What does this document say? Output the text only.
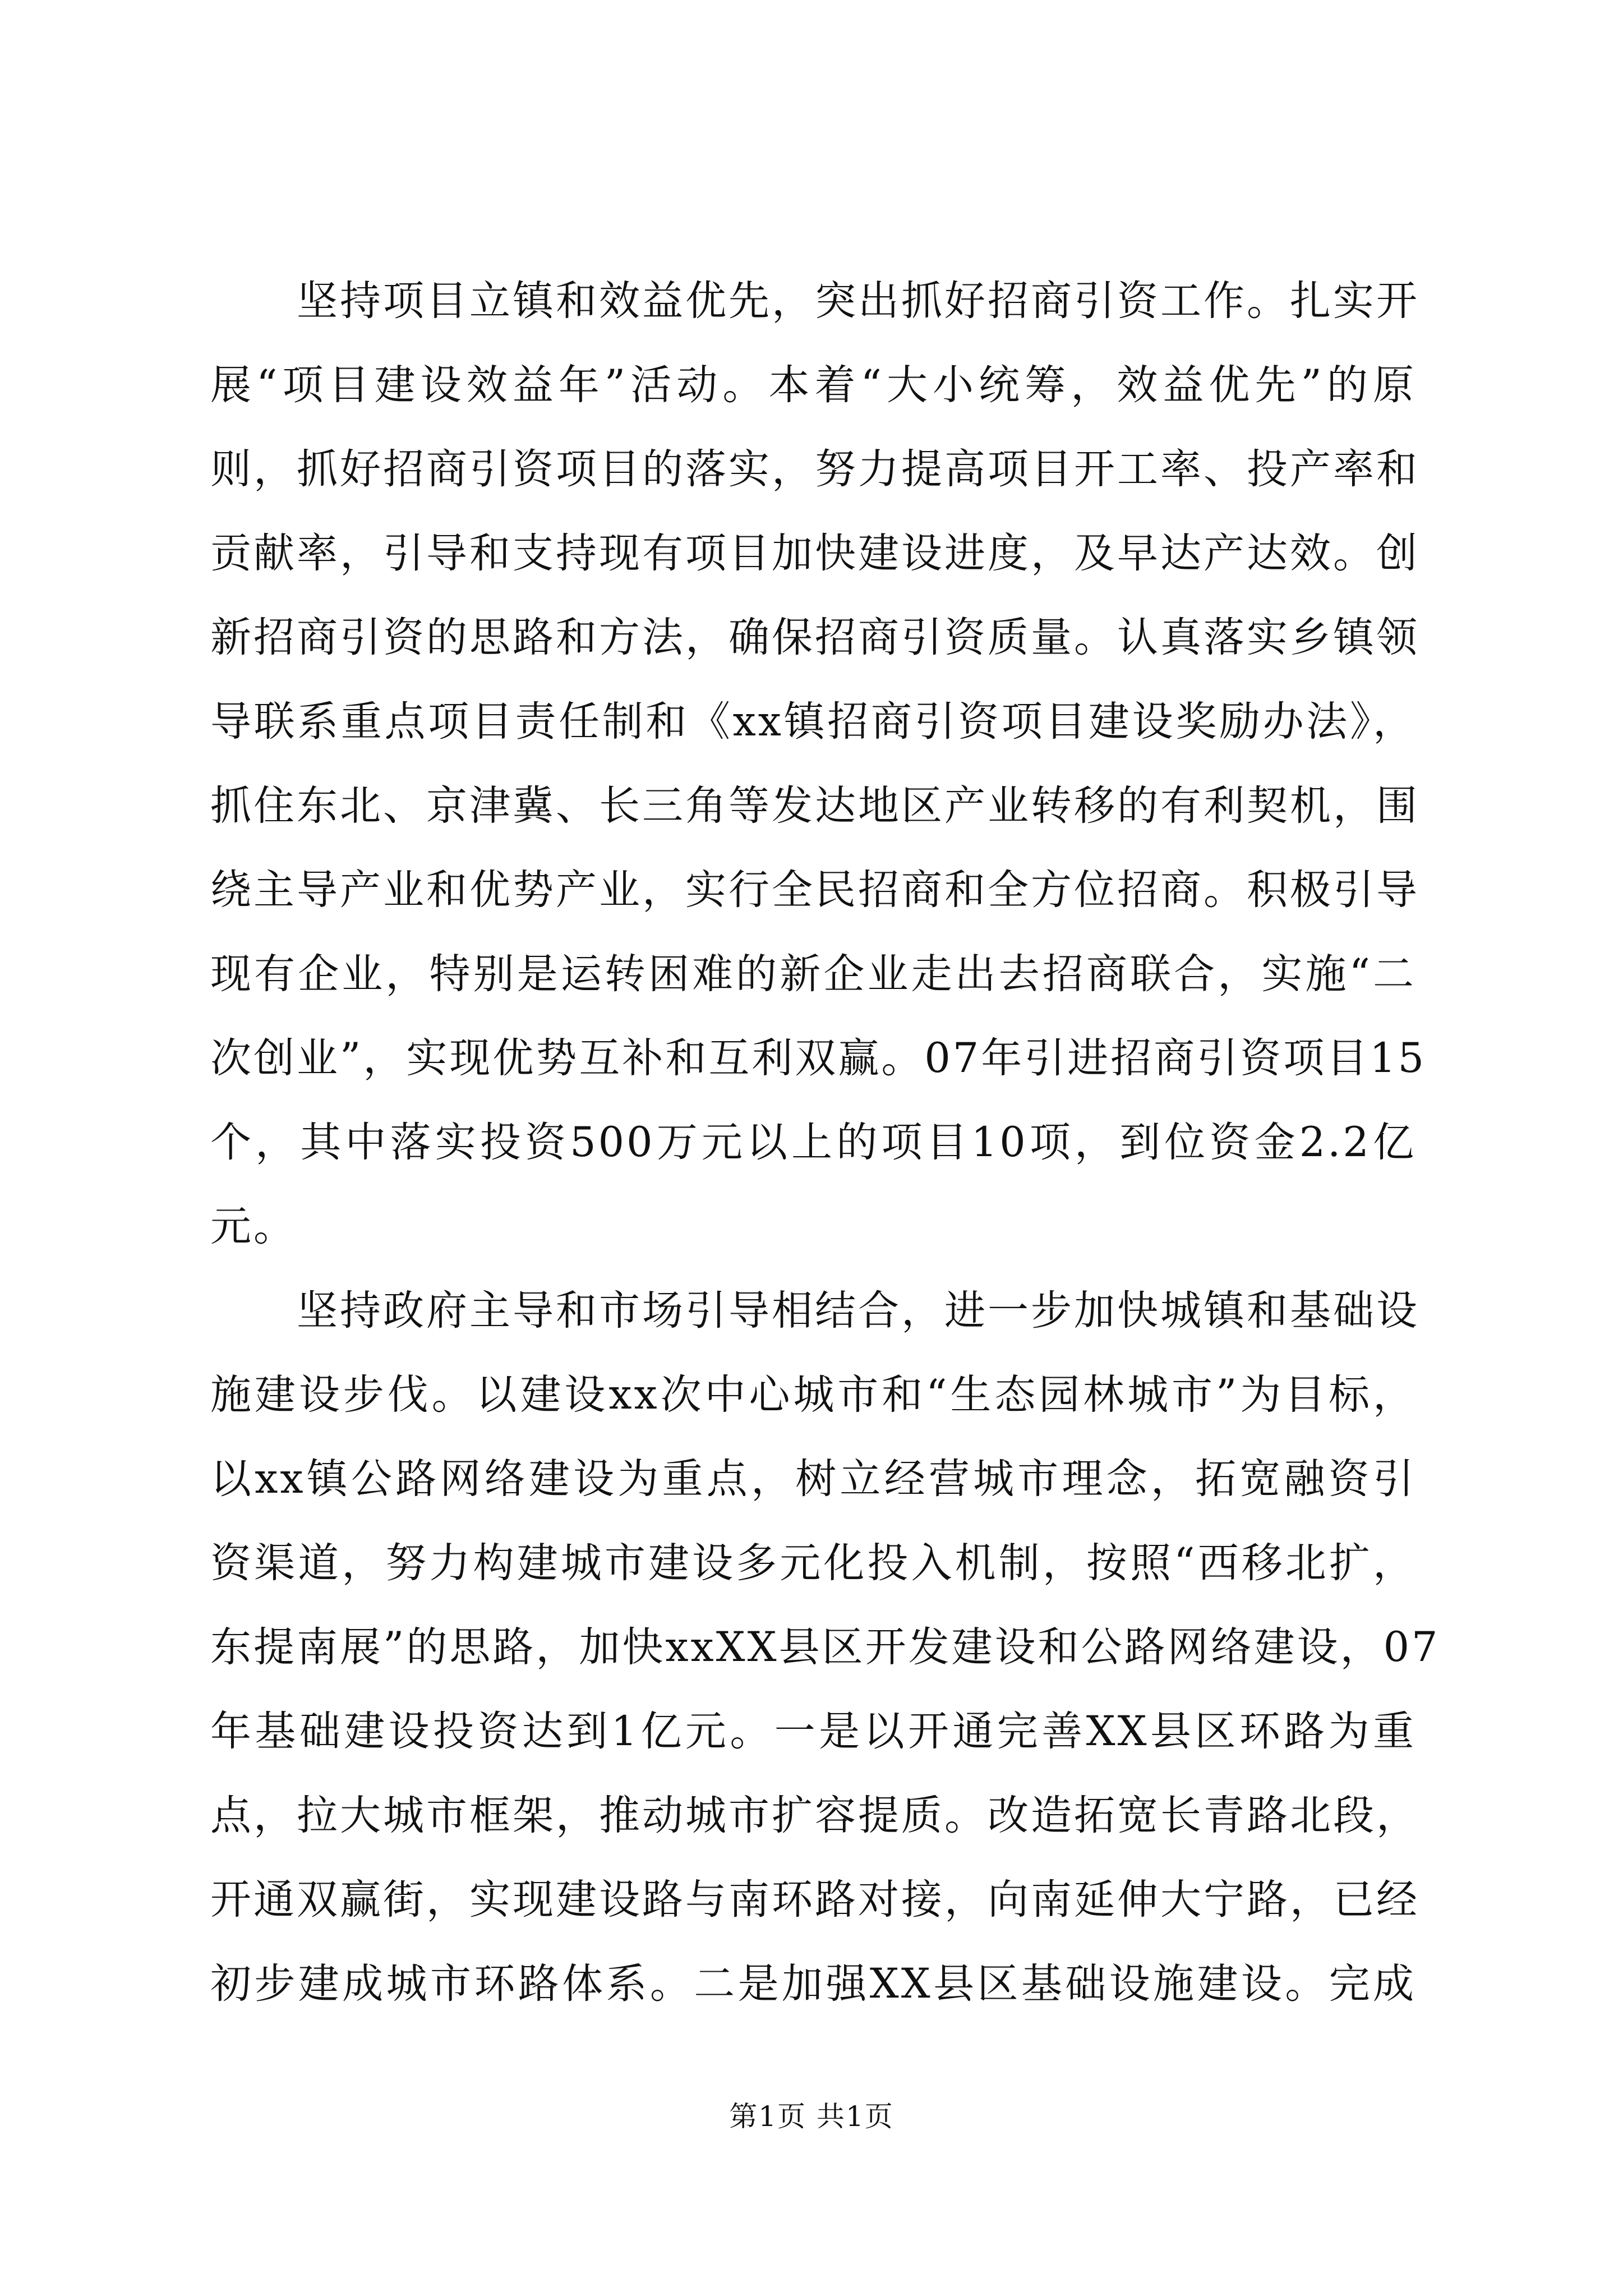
　　坚持项目立镇和效益优先，突出抓好招商引资工作。扎实开
展“项目建设效益年”活动。本着“大小统筹，效益优先”的原
则，抓好招商引资项目的落实，努力提高项目开工率、投产率和
贡献率，引导和支持现有项目加快建设进度，及早达产达效。创
新招商引资的思路和方法，确保招商引资质量。认真落实乡镇领
导联系重点项目责任制和《xx镇招商引资项目建设奖励办法》，
抓住东北、京津冀、长三角等发达地区产业转移的有利契机，围
绕主导产业和优势产业，实行全民招商和全方位招商。积极引导
现有企业，特别是运转困难的新企业走出去招商联合，实施“二
次创业”，实现优势互补和互利双赢。07年引进招商引资项目15
个，其中落实投资500万元以上的项目10项，到位资金2.2亿
元。
　　坚持政府主导和市场引导相结合，进一步加快城镇和基础设
施建设步伐。以建设xx次中心城市和“生态园林城市”为目标，
以xx镇公路网络建设为重点，树立经营城市理念，拓宽融资引
资渠道，努力构建城市建设多元化投入机制，按照“西移北扩，
东提南展”的思路，加快xxXX县区开发建设和公路网络建设，07
年基础建设投资达到1亿元。一是以开通完善XX县区环路为重
点，拉大城市框架，推动城市扩容提质。改造拓宽长青路北段，
开通双赢街，实现建设路与南环路对接，向南延伸大宁路，已经
初步建成城市环路体系。二是加强XX县区基础设施建设。完成
第1页 共1页
